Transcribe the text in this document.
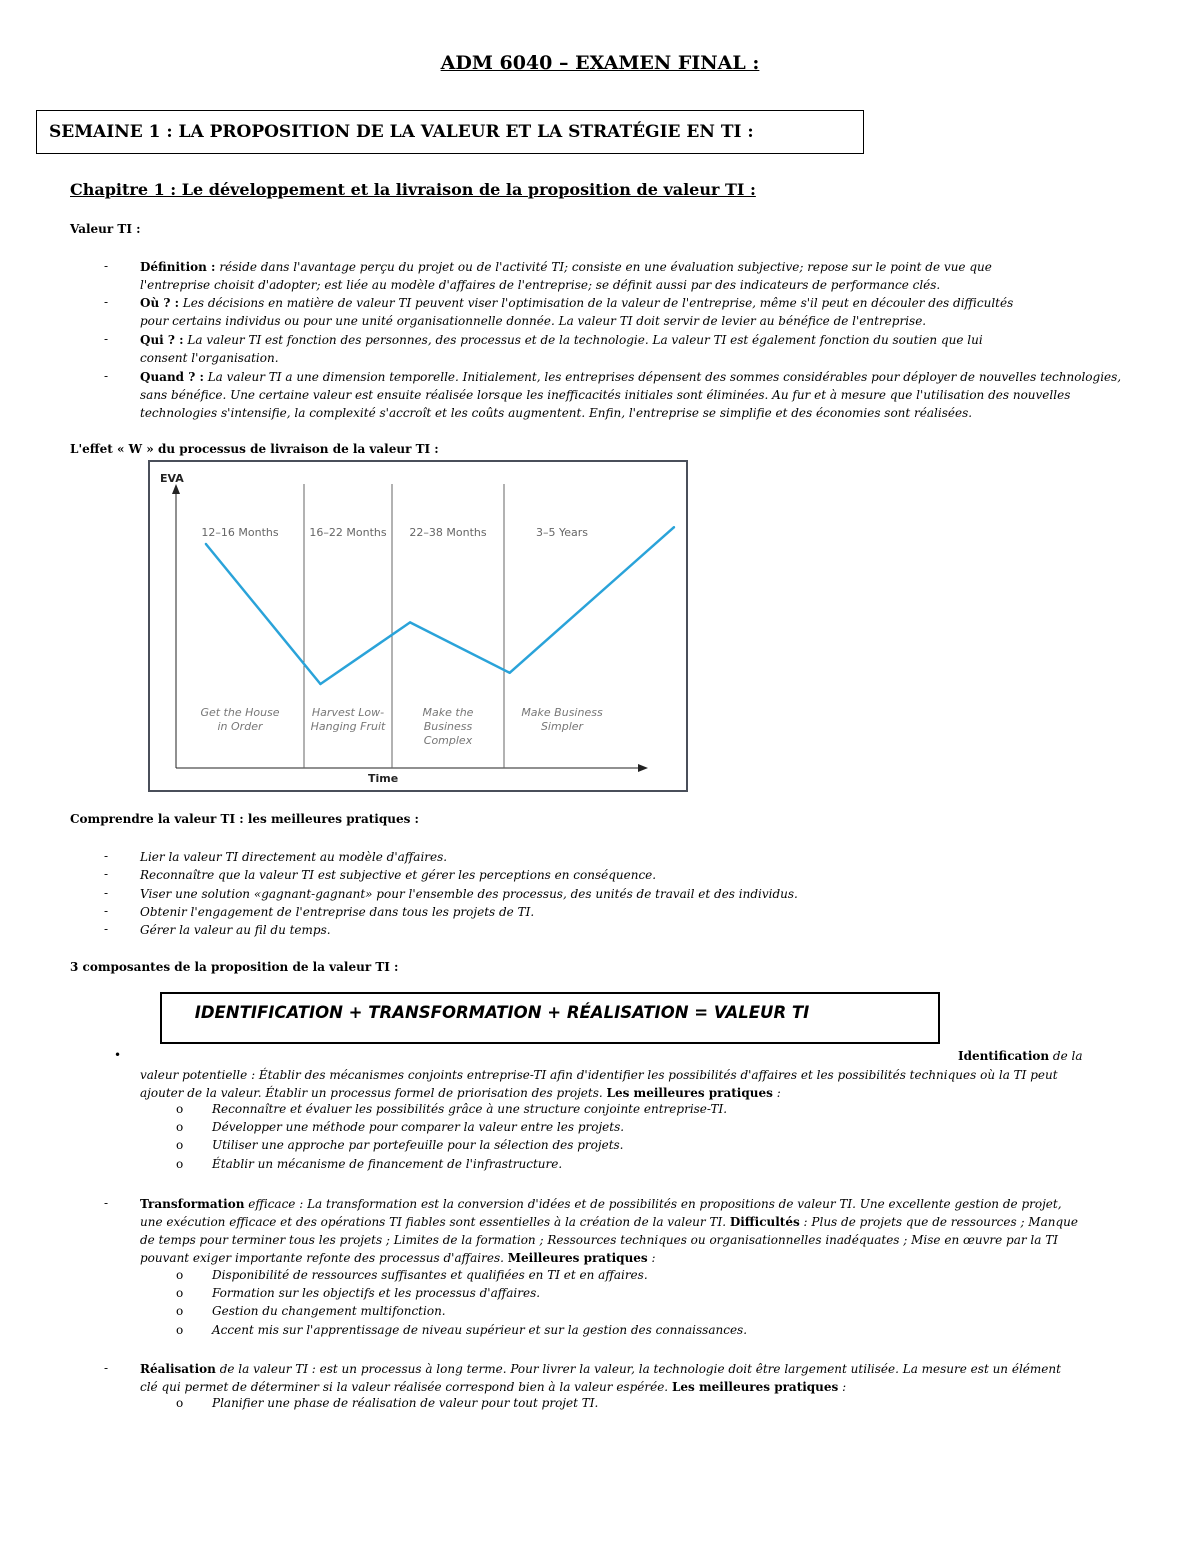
ADM 6040 – EXAMEN FINAL :
SEMAINE 1 : LA PROPOSITION DE LA VALEUR ET LA STRATÉGIE EN TI :
Chapitre 1 : Le développement et la livraison de la proposition de valeur TI :
Valeur TI :
-	Définition : réside dans l'avantage perçu du projet ou de l'activité TI; consiste en une évaluation subjective; repose sur le point de vue que
l'entreprise choisit d'adopter; est liée au modèle d'affaires de l'entreprise; se définit aussi par des indicateurs de performance clés.
-	Où ? : Les décisions en matière de valeur TI peuvent viser l'optimisation de la valeur de l'entreprise, même s'il peut en découler des difficultés
pour certains individus ou pour une unité organisationnelle donnée. La valeur TI doit servir de levier au bénéfice de l'entreprise.
-	Qui ? : La valeur TI est fonction des personnes, des processus et de la technologie. La valeur TI est également fonction du soutien que lui
consent l'organisation.
-	Quand ? : La valeur TI a une dimension temporelle. Initialement, les entreprises dépensent des sommes considérables pour déployer de nouvelles technologies,
sans bénéfice. Une certaine valeur est ensuite réalisée lorsque les inefficacités initiales sont éliminées. Au fur et à mesure que l'utilisation des nouvelles
technologies s'intensifie, la complexité s'accroît et les coûts augmentent. Enfin, l'entreprise se simplifie et des économies sont réalisées.
L'effet « W » du processus de livraison de la valeur TI :
EVA
Time
12–16 Months	16–22 Months 22–38 Months	3–5 Years
Get the House
in Order
Harvest Low-
Hanging Fruit
Make the
Business
Complex
Make Business
Simpler
Comprendre la valeur TI : les meilleures pratiques :
-	Lier la valeur TI directement au modèle d'affaires.
-	Reconnaître que la valeur TI est subjective et gérer les perceptions en conséquence.
-	Viser une solution «gagnant-gagnant» pour l'ensemble des processus, des unités de travail et des individus.
-	Obtenir l'engagement de l'entreprise dans tous les projets de TI.
-	Gérer la valeur au fil du temps.
3 composantes de la proposition de la valeur TI :
IDENTIFICATION + TRANSFORMATION + RÉALISATION = VALEUR TI
•	Identification de la
valeur potentielle : Établir des mécanismes conjoints entreprise-TI afin d'identifier les possibilités d'affaires et les possibilités techniques où la TI peut
ajouter de la valeur. Établir un processus formel de priorisation des projets. Les meilleures pratiques :
o Reconnaître et évaluer les possibilités grâce à une structure conjointe entreprise-TI.
o Développer une méthode pour comparer la valeur entre les projets.
o Utiliser une approche par portefeuille pour la sélection des projets.
o Établir un mécanisme de financement de l'infrastructure.
-	Transformation efficace : La transformation est la conversion d'idées et de possibilités en propositions de valeur TI. Une excellente gestion de projet,
une exécution efficace et des opérations TI fiables sont essentielles à la création de la valeur TI. Difficultés : Plus de projets que de ressources ; Manque
de temps pour terminer tous les projets ; Limites de la formation ; Ressources techniques ou organisationnelles inadéquates ; Mise en œuvre par la TI
pouvant exiger importante refonte des processus d'affaires. Meilleures pratiques :
o Disponibilité de ressources suffisantes et qualifiées en TI et en affaires.
o Formation sur les objectifs et les processus d'affaires.
o Gestion du changement multifonction.
o Accent mis sur l'apprentissage de niveau supérieur et sur la gestion des connaissances.
-	Réalisation de la valeur TI : est un processus à long terme. Pour livrer la valeur, la technologie doit être largement utilisée. La mesure est un élément
clé qui permet de déterminer si la valeur réalisée correspond bien à la valeur espérée. Les meilleures pratiques :
o Planifier une phase de réalisation de valeur pour tout projet TI.
